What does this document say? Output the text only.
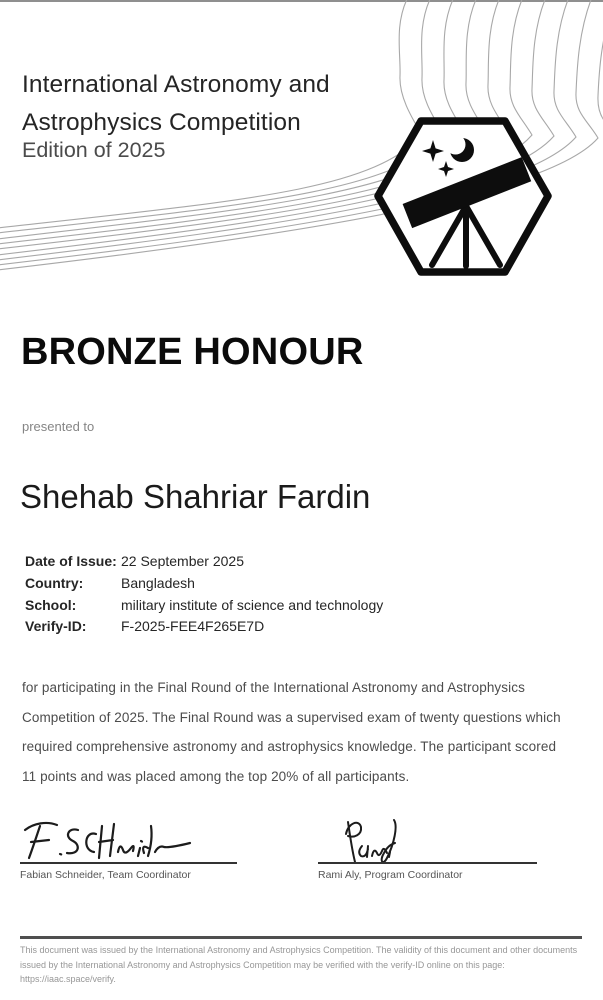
International Astronomy and
Astrophysics Competition
Edition of 2025
BRONZE HONOUR
presented to
Shehab Shahriar Fardin
Date of Issue: 22 September 2025
Country:	Bangladesh
School:	military institute of science and technology
Verify-ID:	F-2025-FEE4F265E7D
for participating in the Final Round of the International Astronomy and Astrophysics Competition of 2025. The Final Round was a supervised exam of twenty questions which required comprehensive astronomy and astrophysics knowledge. The participant scored 11 points and was placed among the top 20% of all participants.
Fabian Schneider, Team Coordinator	Rami Aly, Program Coordinator
This document was issued by the International Astronomy and Astrophysics Competition. The validity of this document and other documents issued by the International Astronomy and Astrophysics Competition may be verified with the verify-ID online on this page: https://iaac.space/verify.
